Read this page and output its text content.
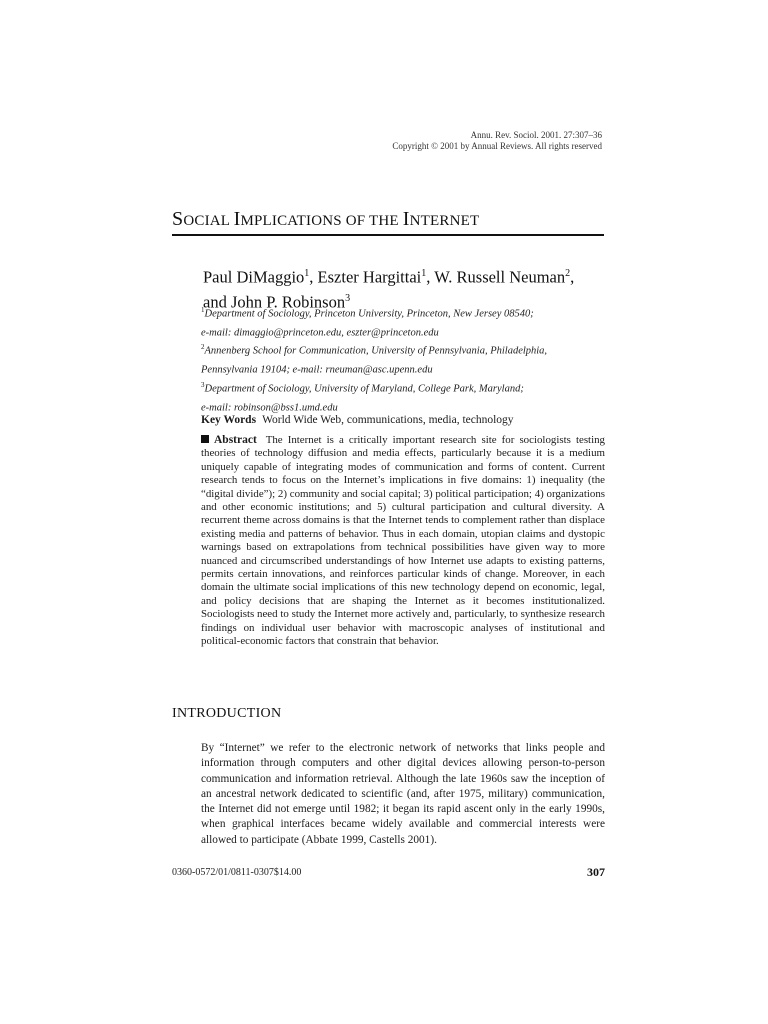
Annu. Rev. Sociol. 2001. 27:307–36
Copyright © 2001 by Annual Reviews. All rights reserved
SOCIAL IMPLICATIONS OF THE INTERNET
Paul DiMaggio$^1$, Eszter Hargittai$^1$, W. Russell Neuman$^2$,
and John P. Robinson$^3$
$^1$Department of Sociology, Princeton University, Princeton, New Jersey 08540;
e-mail: dimaggio@princeton.edu, eszter@princeton.edu
$^2$Annenberg School for Communication, University of Pennsylvania, Philadelphia,
Pennsylvania 19104; e-mail: rneuman@asc.upenn.edu
$^3$Department of Sociology, University of Maryland, College Park, Maryland;
e-mail: robinson@bss1.umd.edu
Key Words World Wide Web, communications, media, technology
Abstract The Internet is a critically important research site for sociologists testing theories of technology diffusion and media effects, particularly because it is a medium uniquely capable of integrating modes of communication and forms of content. Current research tends to focus on the Internet’s implications in five domains: 1) inequality (the “digital divide”); 2) community and social capital; 3) political participation; 4) organizations and other economic institutions; and 5) cultural participation and cultural diversity. A recurrent theme across domains is that the Internet tends to complement rather than displace existing media and patterns of behavior. Thus in each domain, utopian claims and dystopic warnings based on extrapolations from technical possibilities have given way to more nuanced and circumscribed understandings of how Internet use adapts to existing patterns, permits certain innovations, and reinforces particular kinds of change. Moreover, in each domain the ultimate social implications of this new technology depend on economic, legal, and policy decisions that are shaping the Internet as it becomes institutionalized. Sociologists need to study the Internet more actively and, particularly, to synthesize research findings on individual user behavior with macroscopic analyses of institutional and political-economic factors that constrain that behavior.
INTRODUCTION
By “Internet” we refer to the electronic network of networks that links people and information through computers and other digital devices allowing person-to-person communication and information retrieval. Although the late 1960s saw the inception of an ancestral network dedicated to scientific (and, after 1975, military) communication, the Internet did not emerge until 1982; it began its rapid ascent only in the early 1990s, when graphical interfaces became widely available and commercial interests were allowed to participate (Abbate 1999, Castells 2001).
0360-0572/01/0811-0307$14.00	307
